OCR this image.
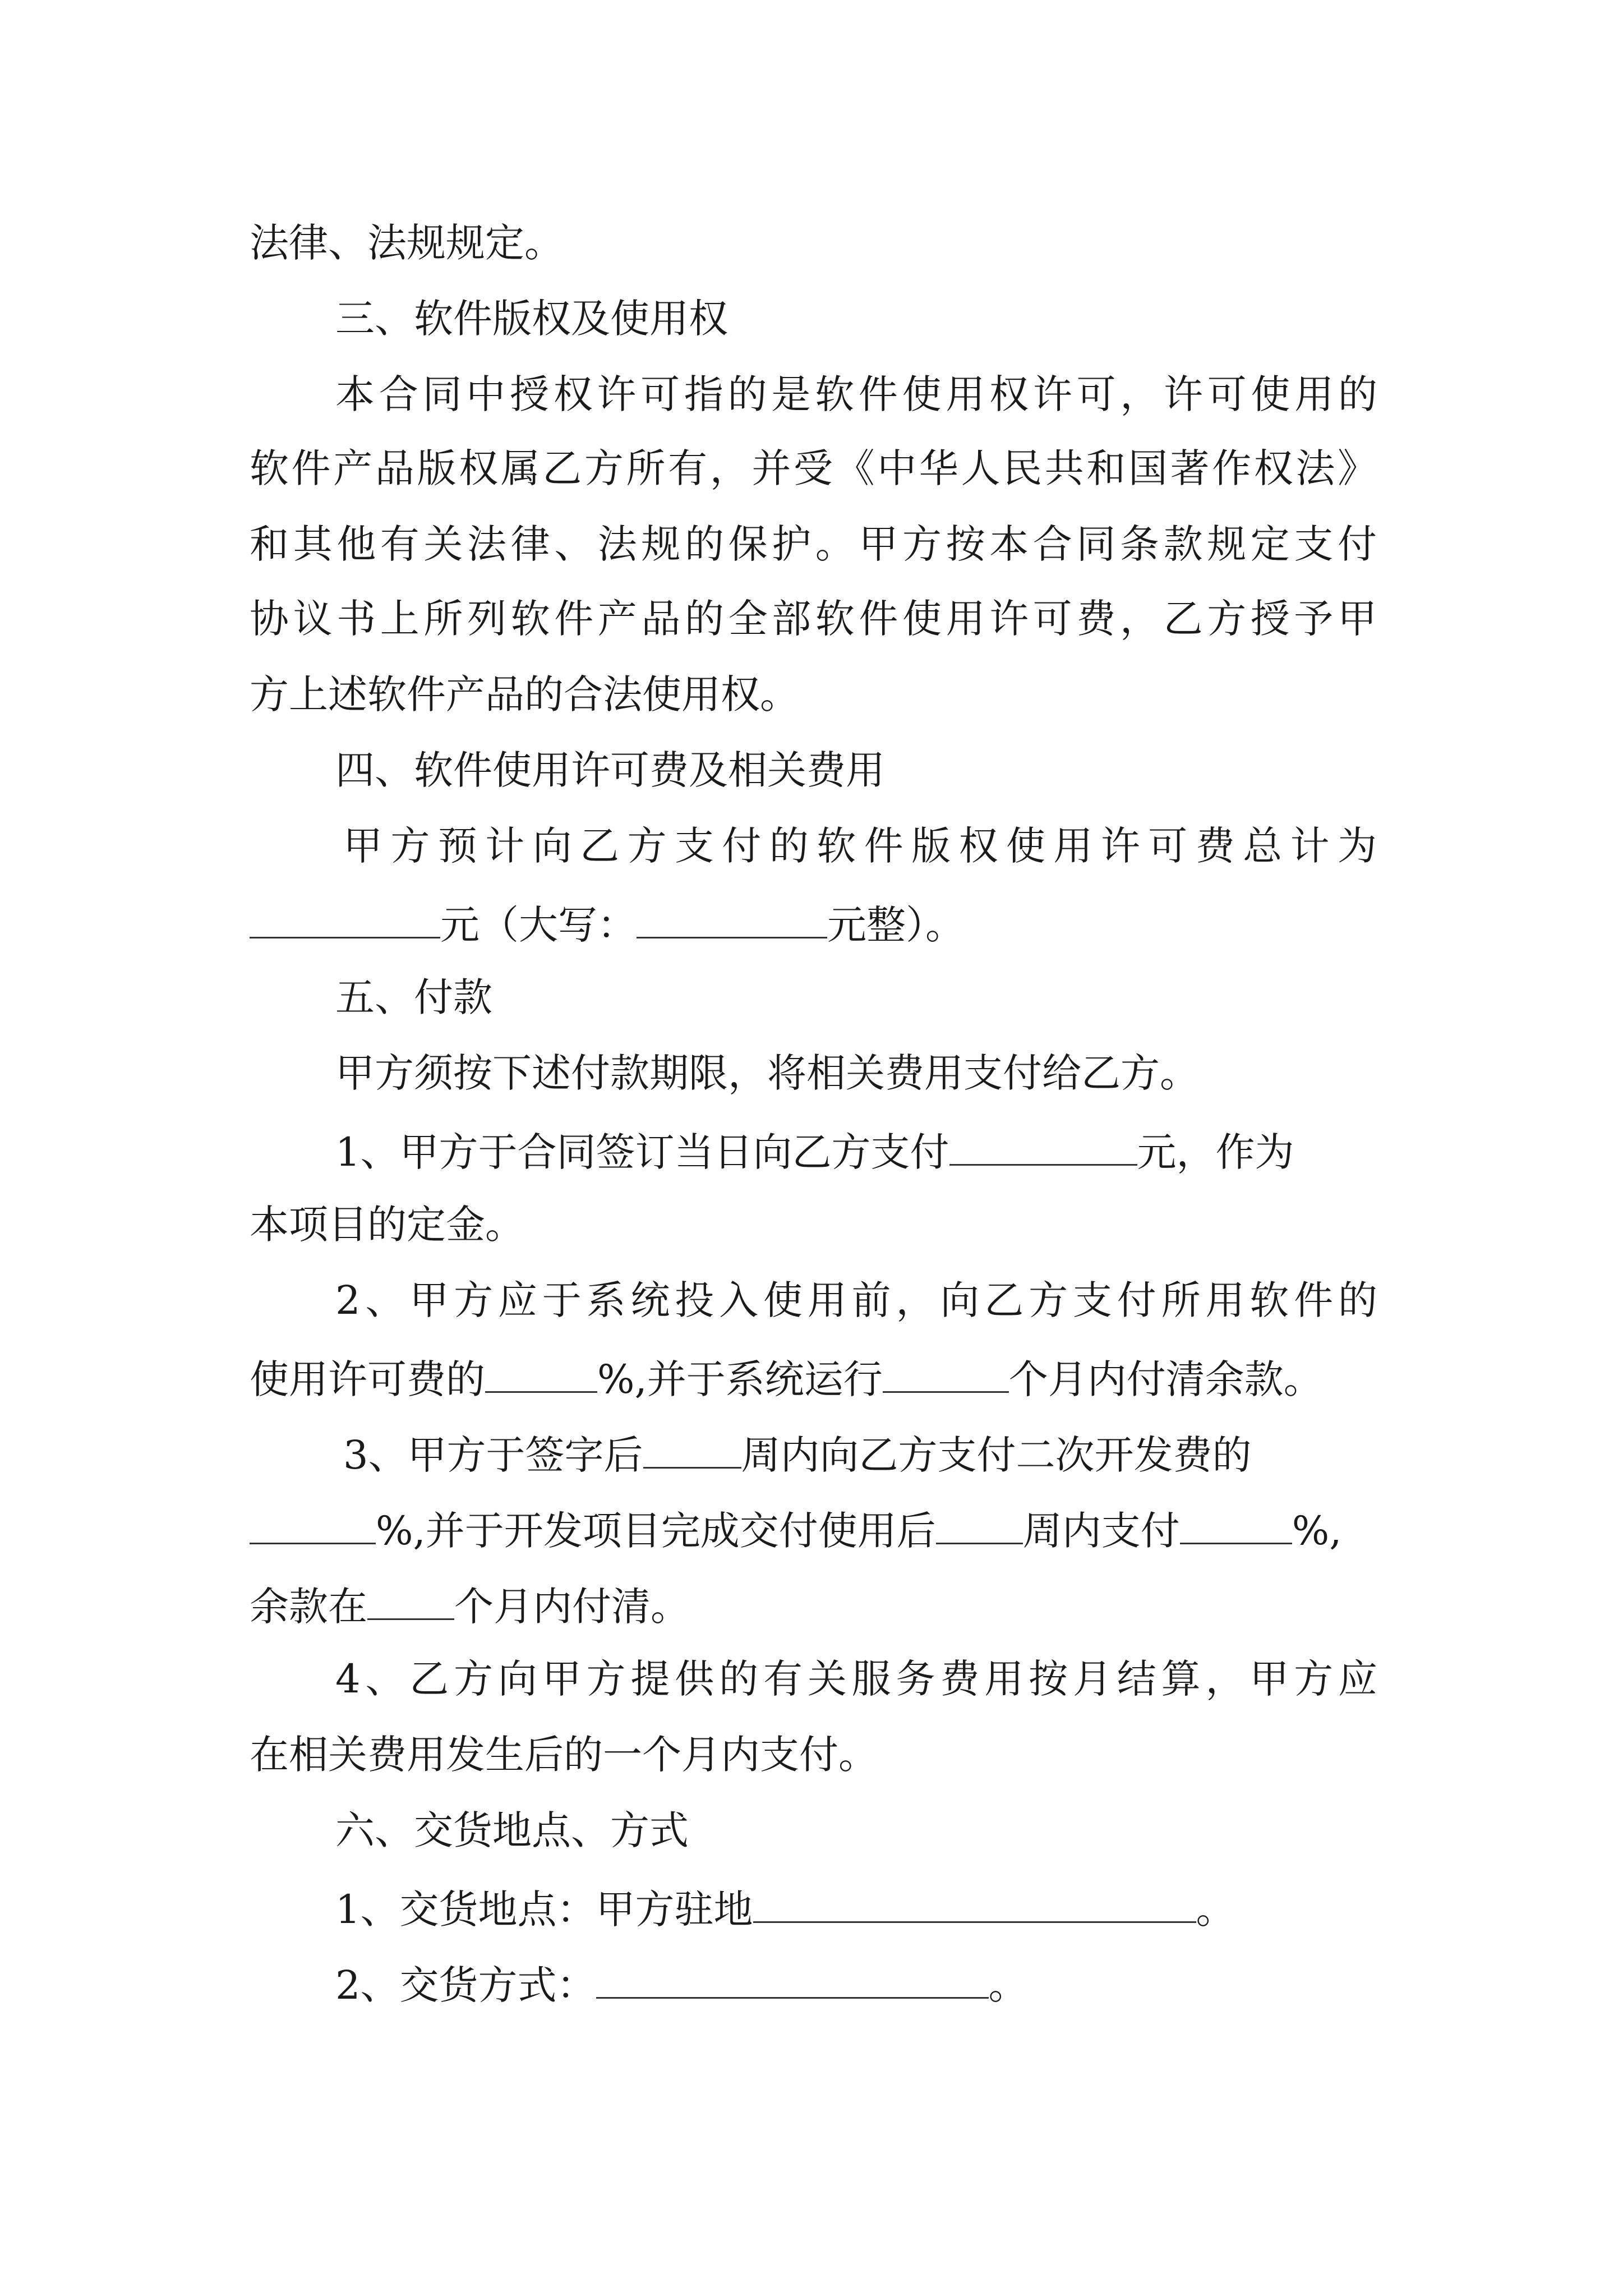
法律、法规规定。

三、软件版权及使用权

本合同中授权许可指的是软件使用权许可，许可使用的

软件产品版权属乙方所有，并受《中华人民共和国著作权法》

和其他有关法律、法规的保护。甲方按本合同条款规定支付

协议书上所列软件产品的全部软件使用许可费，乙方授予甲

方上述软件产品的合法使用权。

四、软件使用许可费及相关费用

甲方预计向乙方支付的软件版权使用许可费总计为

元（大写：	元整）。

五、付款

甲方须按下述付款期限，将相关费用支付给乙方。

1、甲方于合同签订当日向乙方支付	元，作为

本项目的定金。

2、甲方应于系统投入使用前，向乙方支付所用软件的

使用许可费的	%,并于系统运行	个月内付清余款。

3、甲方于签字后	周内向乙方支付二次开发费的

%,并于开发项目完成交付使用后 周内支付	%,

余款在 个月内付清。

4、乙方向甲方提供的有关服务费用按月结算，甲方应

在相关费用发生后的一个月内支付。

六、交货地点、方式

1、交货地点：甲方驻地	。

2、交货方式：	。
